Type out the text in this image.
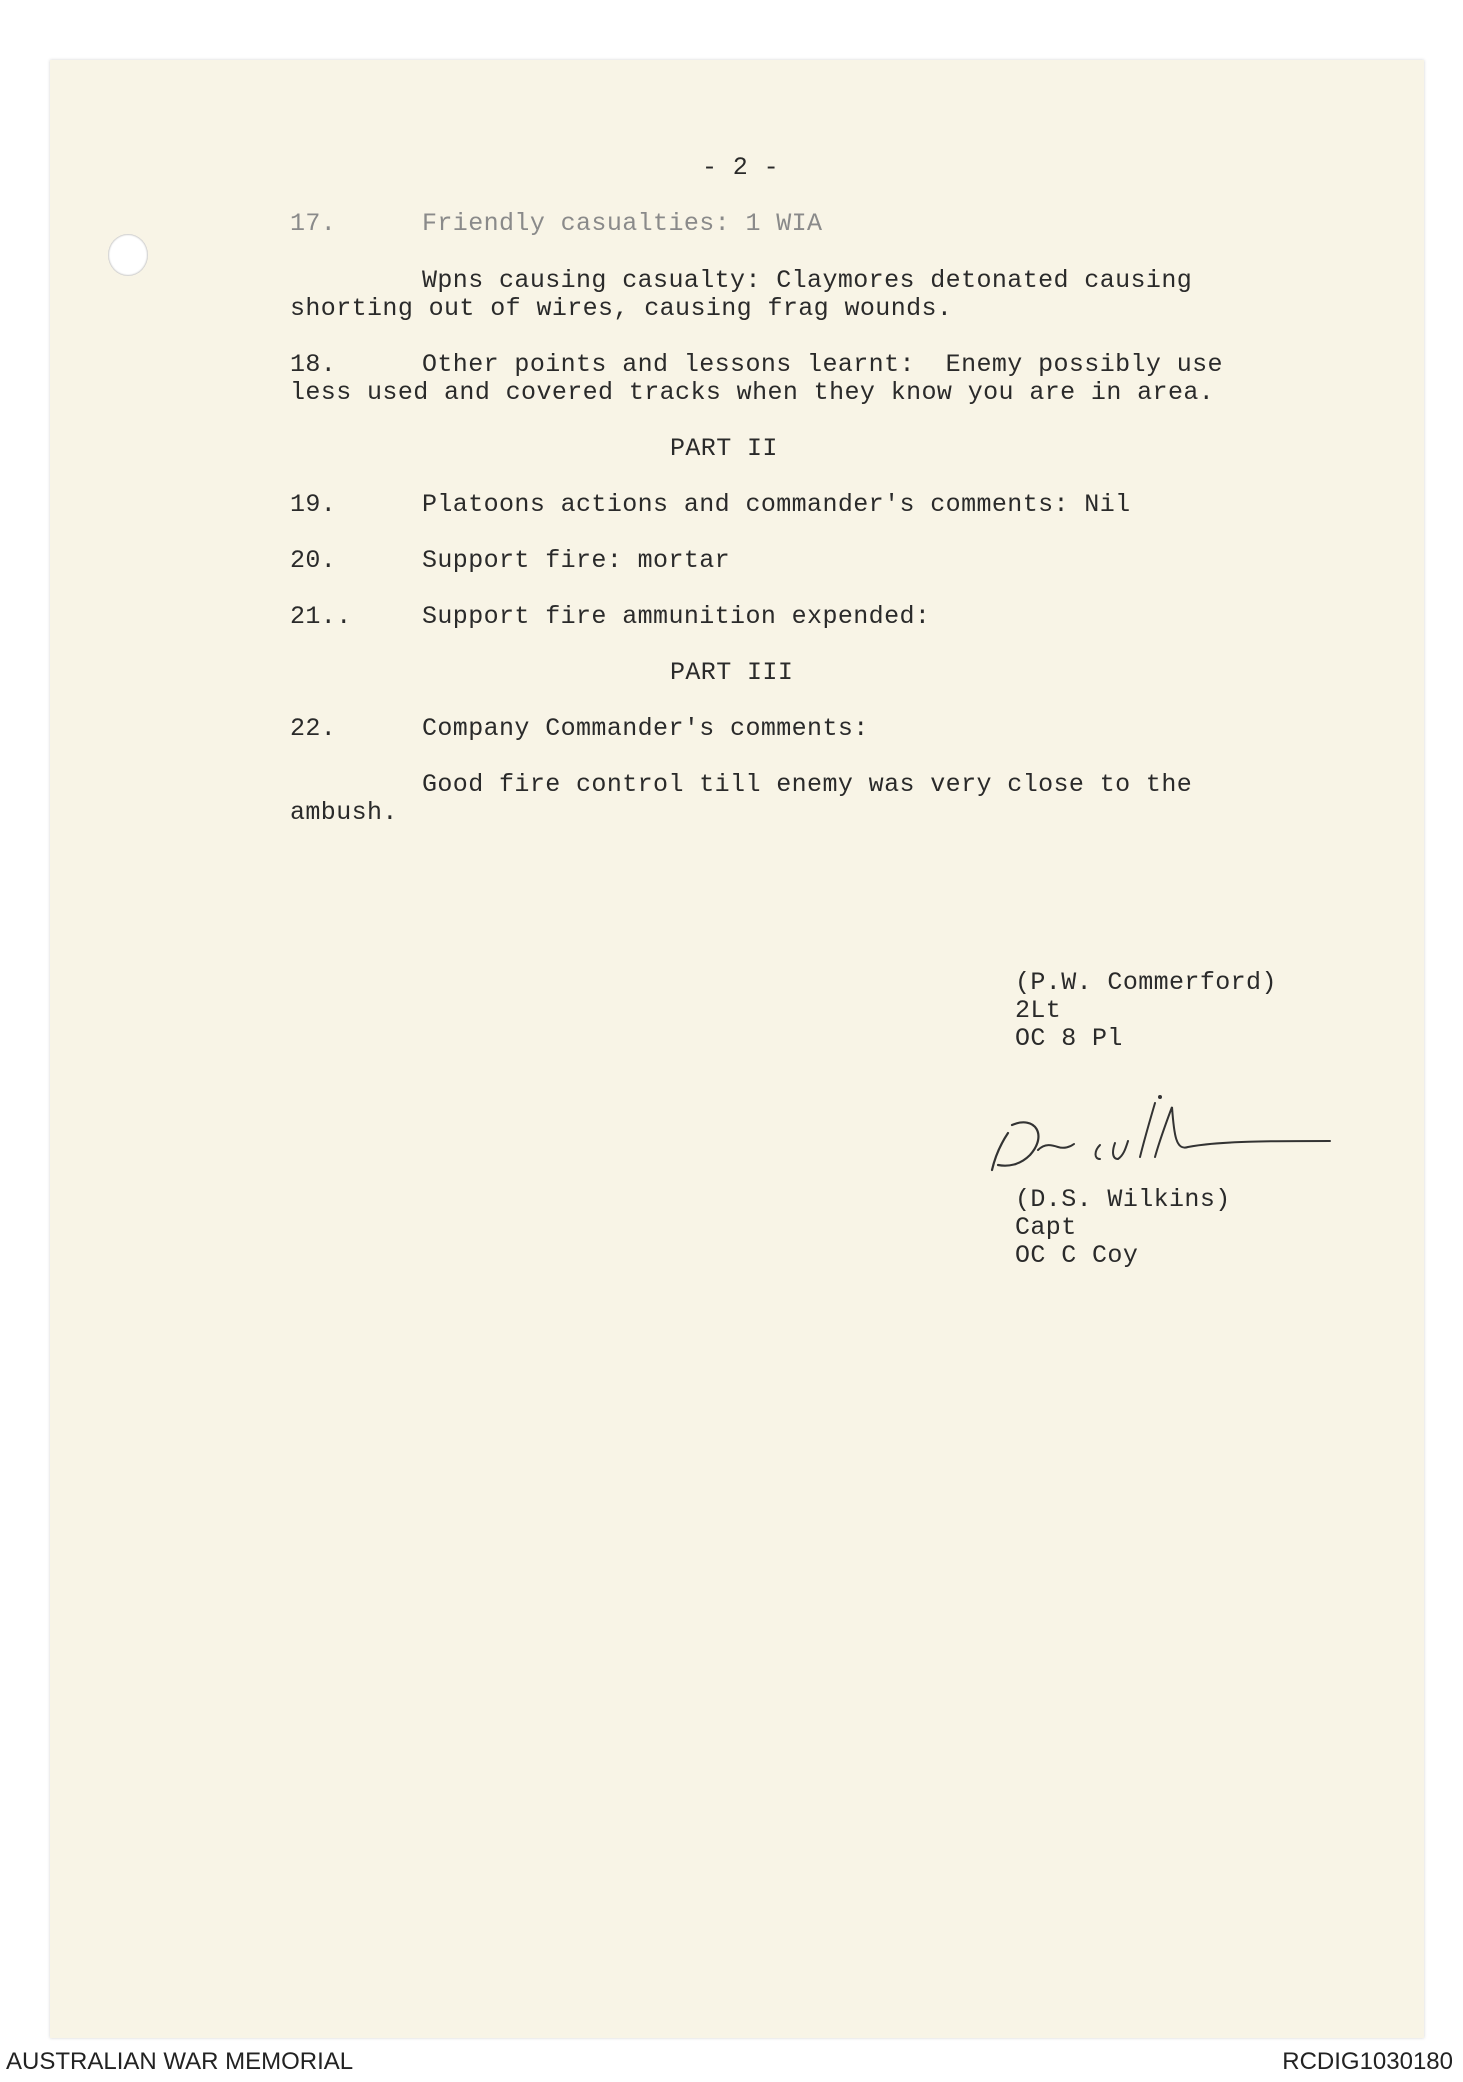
- 2 -
17.	Friendly casualties: 1 WIA
Wpns causing casualty: Claymores detonated causing
shorting out of wires, causing frag wounds.
18.	Other points and lessons learnt:  Enemy possibly use
less used and covered tracks when they know you are in area.
PART II
19.	Platoons actions and commander's comments: Nil
20.	Support fire: mortar
21..	Support fire ammunition expended:
PART III
22.	Company Commander's comments:
Good fire control till enemy was very close to the
ambush.
(P.W. Commerford)
2Lt
OC 8 Pl
(D.S. Wilkins)
Capt
OC C Coy
AUSTRALIAN WAR MEMORIAL	RCDIG1030180
